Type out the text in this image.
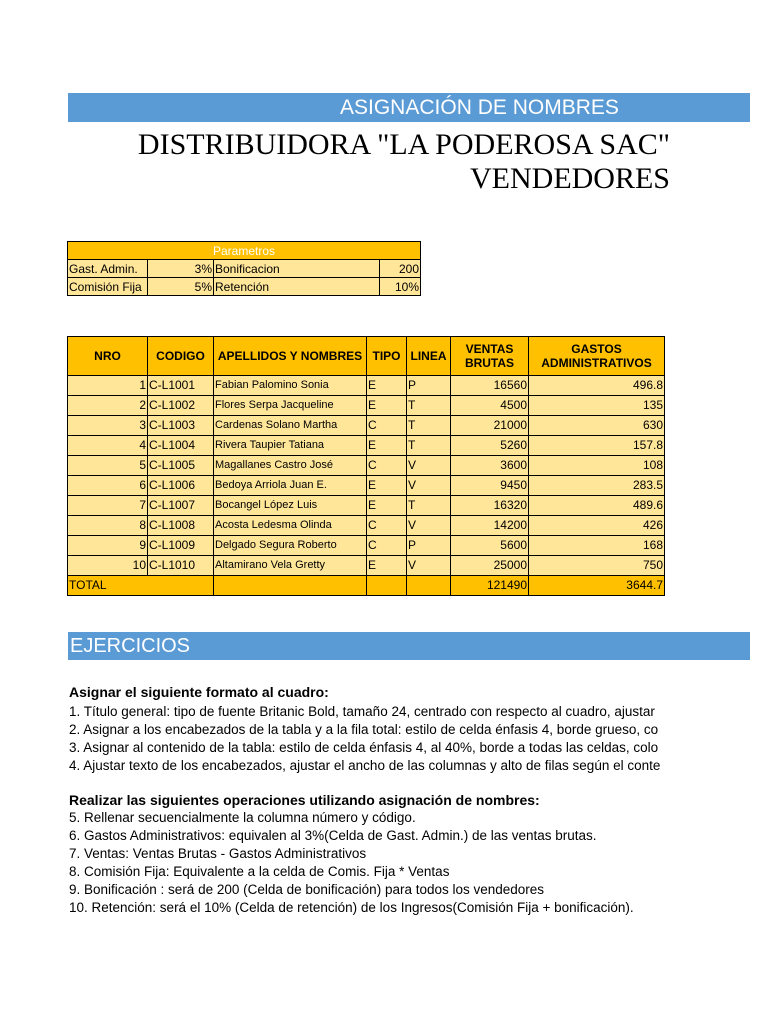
ASIGNACIÓN DE NOMBRES
DISTRIBUIDORA "LA PODEROSA SAC"
VENDEDORES
Parametros			
Gast. Admin.	3%	Bonificacion	200
Comisión Fija	5%	Retención	10%
NRO	CODIGO	APELLIDOS Y NOMBRES	TIPO	LINEA	VENTAS BRUTAS	GASTOS ADMINISTRATIVOS
1	C-L1001	Fabian Palomino Sonia	E	P	16560	496.8
2	C-L1002	Flores Serpa Jacqueline	E	T	4500	135
3	C-L1003	Cardenas Solano Martha	C	T	21000	630
4	C-L1004	Rivera Taupier Tatiana	E	T	5260	157.8
5	C-L1005	Magallanes Castro José	C	V	3600	108
6	C-L1006	Bedoya Arriola Juan E.	E	V	9450	283.5
7	C-L1007	Bocangel López Luis	E	T	16320	489.6
8	C-L1008	Acosta Ledesma Olinda	C	V	14200	426
9	C-L1009	Delgado Segura Roberto	C	P	5600	168
10	C-L1010	Altamirano Vela Gretty	E	V	25000	750
TOTAL					121490	3644.7
EJERCICIOS
Asignar el siguiente formato al cuadro:
1. Título general: tipo de fuente Britanic Bold, tamaño 24, centrado con respecto al cuadro, ajustar
2. Asignar a los encabezados de la tabla y a la fila total: estilo de celda énfasis 4, borde grueso, co
3. Asignar al contenido de la tabla: estilo de celda énfasis 4, al 40%, borde a todas las celdas, colo
4. Ajustar texto de los encabezados, ajustar el ancho de las columnas y alto de filas según el conte
Realizar las siguientes operaciones utilizando asignación de nombres:
5. Rellenar secuencialmente la columna número y código.
6. Gastos Administrativos: equivalen al 3%(Celda de Gast. Admin.) de las ventas brutas.
7. Ventas: Ventas Brutas - Gastos Administrativos
8. Comisión Fija: Equivalente a la celda de Comis. Fija * Ventas
9. Bonificación : será de 200 (Celda de bonificación) para todos los vendedores
10. Retención: será el 10% (Celda de retención) de los Ingresos(Comisión Fija + bonificación).
